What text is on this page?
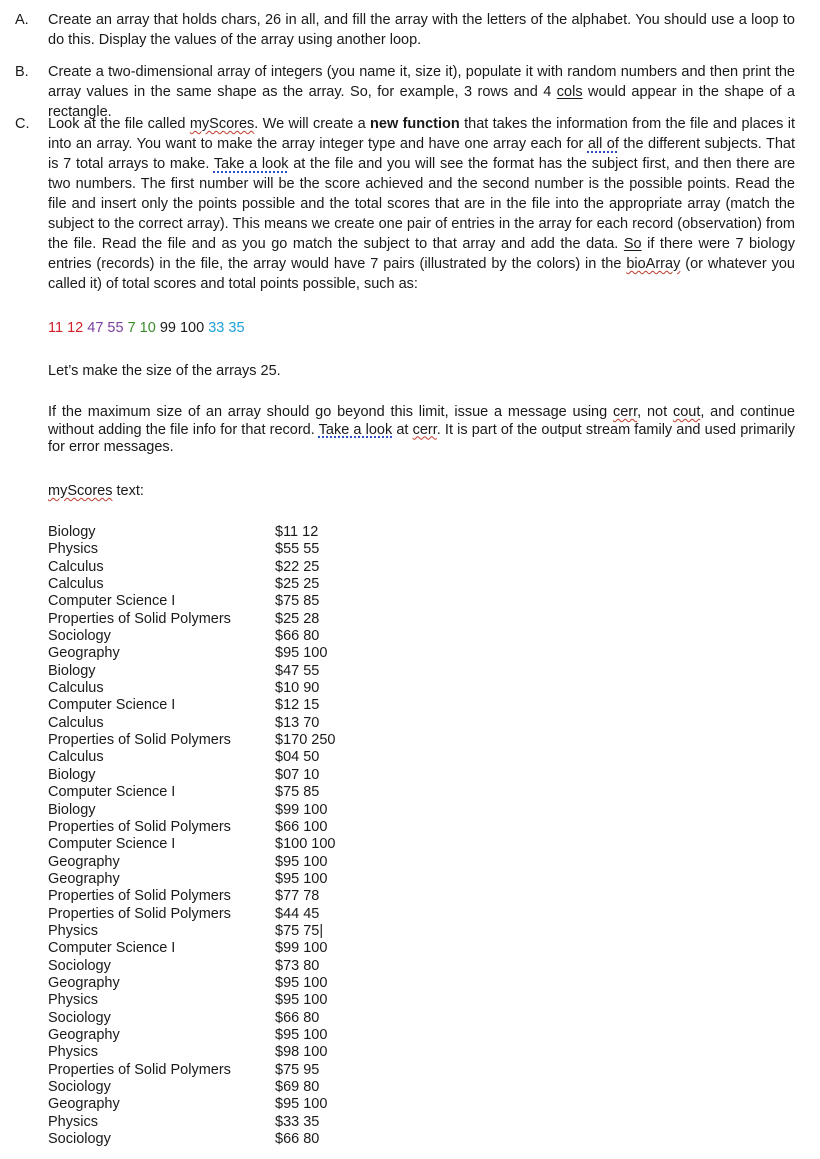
A. Create an array that holds chars, 26 in all, and fill the array with the letters of the alphabet. You should use a loop to do this. Display the values of the array using another loop.
B. Create a two-dimensional array of integers (you name it, size it), populate it with random numbers and then print the array values in the same shape as the array. So, for example, 3 rows and 4 cols would appear in the shape of a rectangle.
C. Look at the file called myScores. We will create a new function that takes the information from the file and places it into an array. You want to make the array integer type and have one array each for all of the different subjects. That is 7 total arrays to make. Take a look at the file and you will see the format has the subject first, and then there are two numbers. The first number will be the score achieved and the second number is the possible points. Read the file and insert only the points possible and the total scores that are in the file into the appropriate array (match the subject to the correct array). This means we create one pair of entries in the array for each record (observation) from the file. Read the file and as you go match the subject to that array and add the data. So if there were 7 biology entries (records) in the file, the array would have 7 pairs (illustrated by the colors) in the bioArray (or whatever you called it) of total scores and total points possible, such as:
11 12 47 55 7 10 99 100 33 35
Let’s make the size of the arrays 25.
If the maximum size of an array should go beyond this limit, issue a message using cerr, not cout, and continue without adding the file info for that record. Take a look at cerr. It is part of the output stream family and used primarily for error messages.
myScores text:
Biology	$11 12
Physics	$55 55
Calculus	$22 25
Calculus	$25 25
Computer Science I	$75 85
Properties of Solid Polymers	$25 28
Sociology	$66 80
Geography	$95 100
Biology	$47 55
Calculus	$10 90
Computer Science I	$12 15
Calculus	$13 70
Properties of Solid Polymers	$170 250
Calculus	$04 50
Biology	$07 10
Computer Science I	$75 85
Biology	$99 100
Properties of Solid Polymers	$66 100
Computer Science I	$100 100
Geography	$95 100
Geography	$95 100
Properties of Solid Polymers	$77 78
Properties of Solid Polymers	$44 45
Physics	$75 75|
Computer Science I	$99 100
Sociology	$73 80
Geography	$95 100
Physics	$95 100
Sociology	$66 80
Geography	$95 100
Physics	$98 100
Properties of Solid Polymers	$75 95
Sociology	$69 80
Geography	$95 100
Physics	$33 35
Sociology	$66 80
